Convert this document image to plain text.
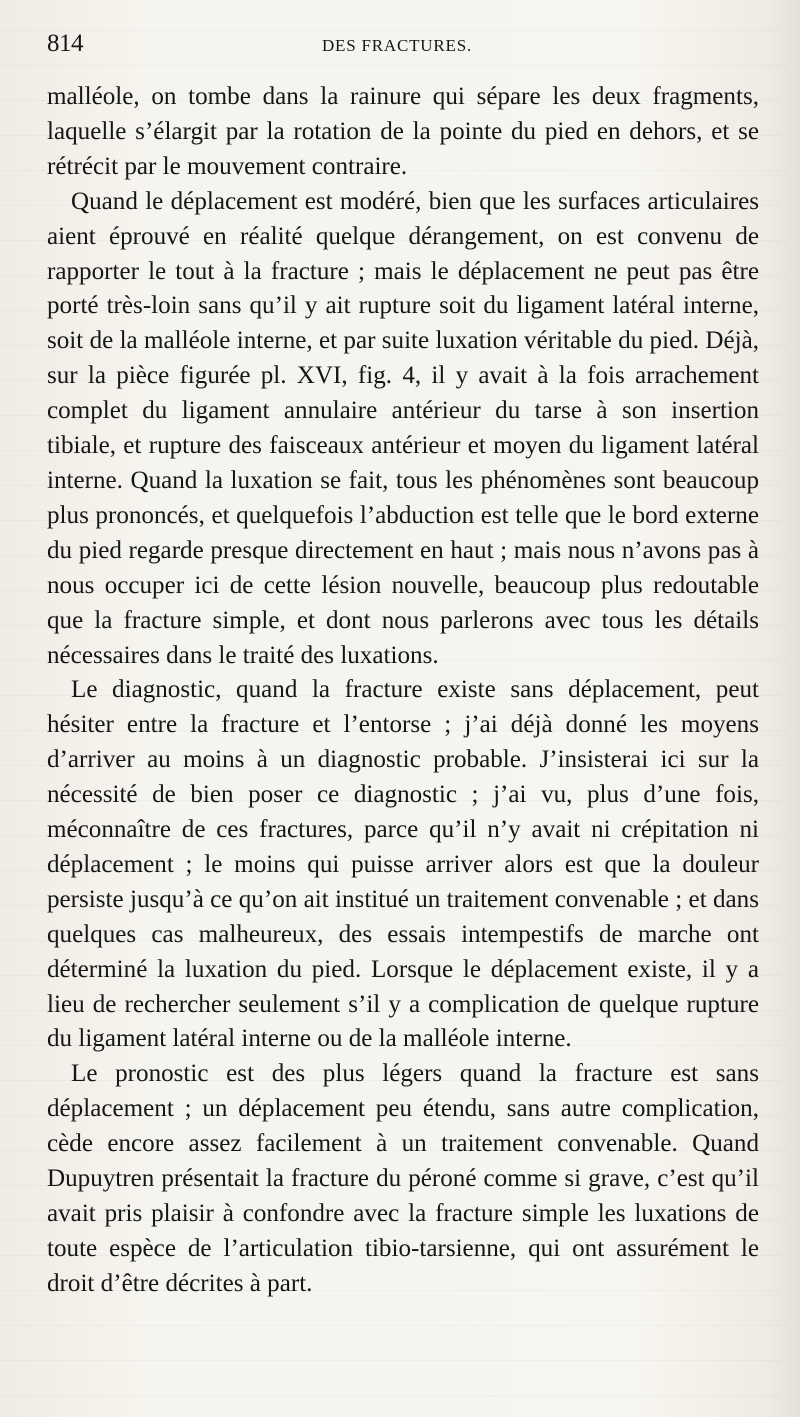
814	DES FRACTURES.

malléole, on tombe dans la rainure qui sépare les deux fragments, laquelle s’élargit par la rotation de la pointe du pied en dehors, et se rétrécit par le mouvement contraire.

Quand le déplacement est modéré, bien que les surfaces articulaires aient éprouvé en réalité quelque dérangement, on est convenu de rapporter le tout à la fracture ; mais le déplacement ne peut pas être porté très-loin sans qu’il y ait rupture soit du ligament latéral interne, soit de la malléole interne, et par suite luxation véritable du pied. Déjà, sur la pièce figurée pl. XVI, fig. 4, il y avait à la fois arrachement complet du ligament annulaire antérieur du tarse à son insertion tibiale, et rupture des faisceaux antérieur et moyen du ligament latéral interne. Quand la luxation se fait, tous les phénomènes sont beaucoup plus prononcés, et quelquefois l’abduction est telle que le bord externe du pied regarde presque directement en haut ; mais nous n’avons pas à nous occuper ici de cette lésion nouvelle, beaucoup plus redoutable que la fracture simple, et dont nous parlerons avec tous les détails nécessaires dans le traité des luxations.

Le diagnostic, quand la fracture existe sans déplacement, peut hésiter entre la fracture et l’entorse ; j’ai déjà donné les moyens d’arriver au moins à un diagnostic probable. J’insisterai ici sur la nécessité de bien poser ce diagnostic ; j’ai vu, plus d’une fois, méconnaître de ces fractures, parce qu’il n’y avait ni crépitation ni déplacement ; le moins qui puisse arriver alors est que la douleur persiste jusqu’à ce qu’on ait institué un traitement convenable ; et dans quelques cas malheureux, des essais intempestifs de marche ont déterminé la luxation du pied. Lorsque le déplacement existe, il y a lieu de rechercher seulement s’il y a complication de quelque rupture du ligament latéral interne ou de la malléole interne.

Le pronostic est des plus légers quand la fracture est sans déplacement ; un déplacement peu étendu, sans autre complication, cède encore assez facilement à un traitement convenable. Quand Dupuytren présentait la fracture du péroné comme si grave, c’est qu’il avait pris plaisir à confondre avec la fracture simple les luxations de toute espèce de l’articulation tibio-tarsienne, qui ont assurément le droit d’être décrites à part.
